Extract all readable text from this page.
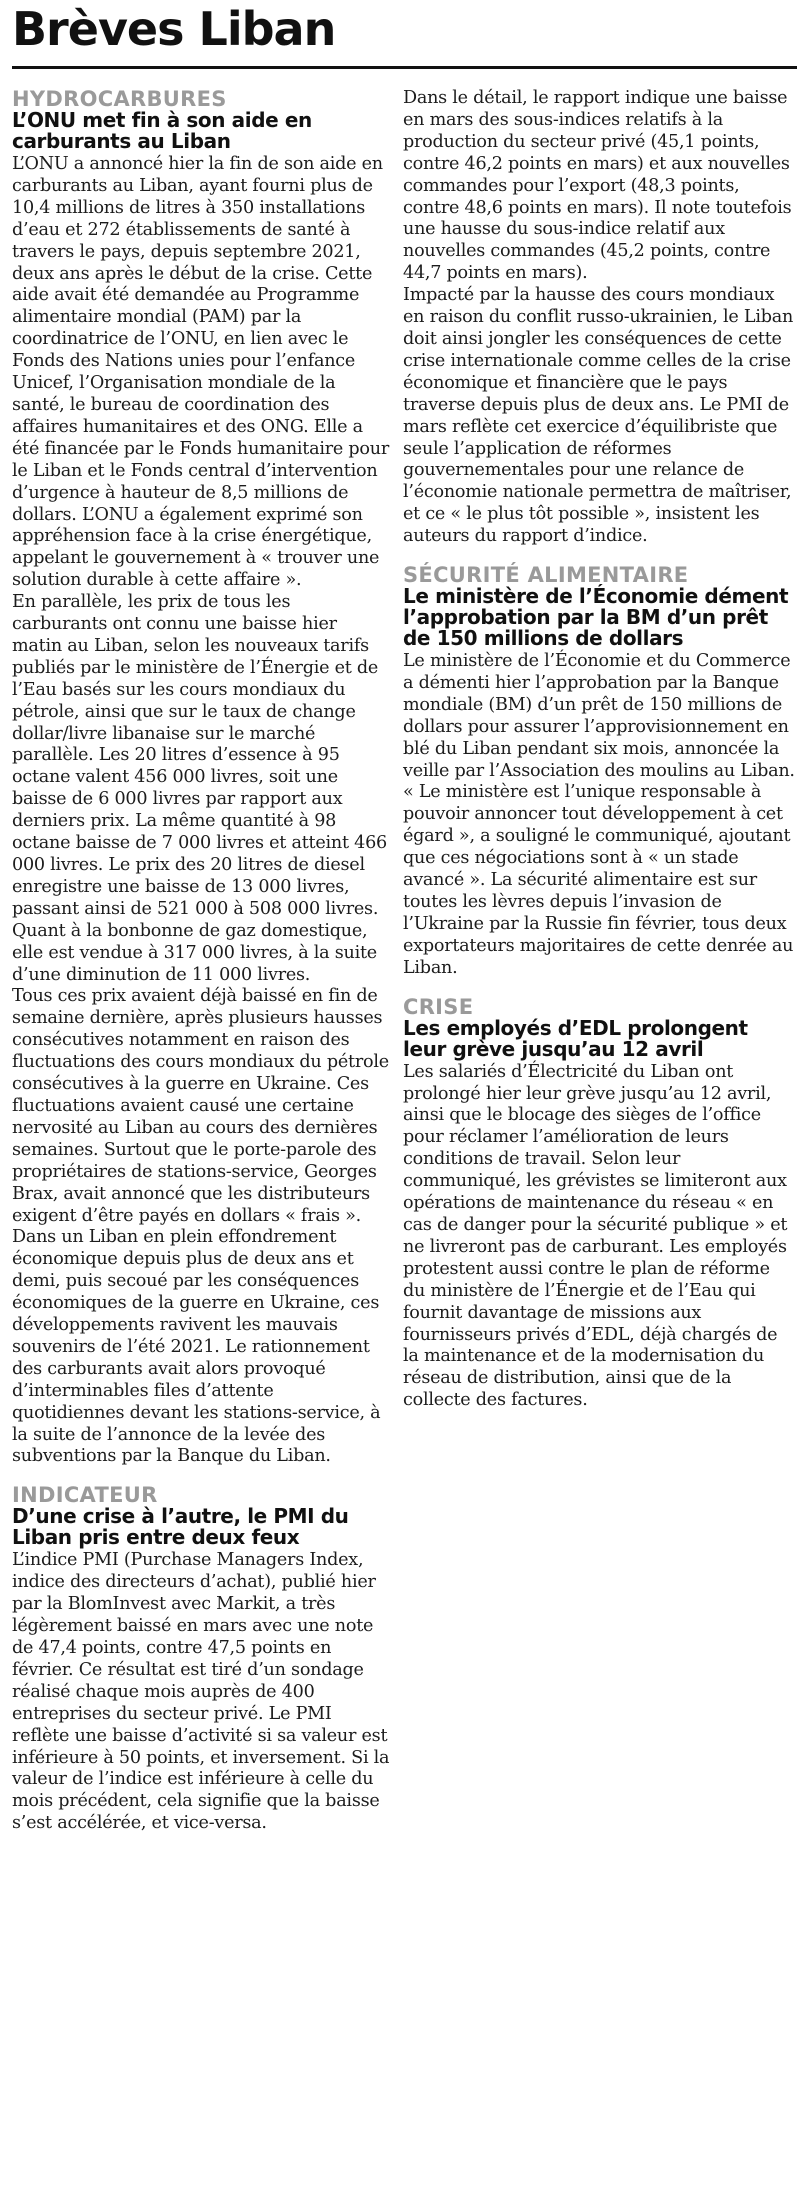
Brèves Liban
HYDROCARBURES
L’ONU met fin à son aide en carburants au Liban

L’ONU a annoncé hier la fin de son aide en carburants au Liban, ayant fourni plus de 10,4 millions de litres à 350 installations d’eau et 272 établissements de santé à travers le pays, depuis septembre 2021, deux ans après le début de la crise. Cette aide avait été demandée au Programme alimentaire mondial (PAM) par la coordinatrice de l’ONU, en lien avec le Fonds des Nations unies pour l’enfance Unicef, l’Organisation mondiale de la santé, le bureau de coordination des affaires humanitaires et des ONG. Elle a été financée par le Fonds humanitaire pour le Liban et le Fonds central d’intervention d’urgence à hauteur de 8,5 millions de dollars. L’ONU a également exprimé son appréhension face à la crise énergétique, appelant le gouvernement à « trouver une solution durable à cette affaire ».

En parallèle, les prix de tous les carburants ont connu une baisse hier matin au Liban, selon les nouveaux tarifs publiés par le ministère de l’Énergie et de l’Eau basés sur les cours mondiaux du pétrole, ainsi que sur le taux de change dollar/livre libanaise sur le marché parallèle. Les 20 litres d’essence à 95 octane valent 456 000 livres, soit une baisse de 6 000 livres par rapport aux derniers prix. La même quantité à 98 octane baisse de 7 000 livres et atteint 466 000 livres. Le prix des 20 litres de diesel enregistre une baisse de 13 000 livres, passant ainsi de 521 000 à 508 000 livres. Quant à la bonbonne de gaz domestique, elle est vendue à 317 000 livres, à la suite d’une diminution de 11 000 livres.

Tous ces prix avaient déjà baissé en fin de semaine dernière, après plusieurs hausses consécutives notamment en raison des fluctuations des cours mondiaux du pétrole consécutives à la guerre en Ukraine. Ces fluctuations avaient causé une certaine nervosité au Liban au cours des dernières semaines. Surtout que le porte-parole des propriétaires de stations-service, Georges Brax, avait annoncé que les distributeurs exigent d’être payés en dollars « frais ».

Dans un Liban en plein effondrement économique depuis plus de deux ans et demi, puis secoué par les conséquences économiques de la guerre en Ukraine, ces développements ravivent les mauvais souvenirs de l’été 2021. Le rationnement des carburants avait alors provoqué d’interminables files d’attente quotidiennes devant les stations-service, à la suite de l’annonce de la levée des subventions par la Banque du Liban.

INDICATEUR
D’une crise à l’autre, le PMI du Liban pris entre deux feux

L’indice PMI (Purchase Managers Index, indice des directeurs d’achat), publié hier par la BlomInvest avec Markit, a très légèrement baissé en mars avec une note de 47,4 points, contre 47,5 points en février. Ce résultat est tiré d’un sondage réalisé chaque mois auprès de 400 entreprises du secteur privé. Le PMI reflète une baisse d’activité si sa valeur est inférieure à 50 points, et inversement. Si la valeur de l’indice est inférieure à celle du mois précédent, cela signifie que la baisse s’est accélérée, et vice-versa.

Dans le détail, le rapport indique une baisse en mars des sous-indices relatifs à la production du secteur privé (45,1 points, contre 46,2 points en mars) et aux nouvelles commandes pour l’export (48,3 points, contre 48,6 points en mars). Il note toutefois une hausse du sous-indice relatif aux nouvelles commandes (45,2 points, contre 44,7 points en mars).

Impacté par la hausse des cours mondiaux en raison du conflit russo-ukrainien, le Liban doit ainsi jongler les conséquences de cette crise internationale comme celles de la crise économique et financière que le pays traverse depuis plus de deux ans. Le PMI de mars reflète cet exercice d’équilibriste que seule l’application de réformes gouvernementales pour une relance de l’économie nationale permettra de maîtriser, et ce « le plus tôt possible », insistent les auteurs du rapport d’indice.

SÉCURITÉ ALIMENTAIRE
Le ministère de l’Économie dément l’approbation par la BM d’un prêt de 150 millions de dollars

Le ministère de l’Économie et du Commerce a démenti hier l’approbation par la Banque mondiale (BM) d’un prêt de 150 millions de dollars pour assurer l’approvisionnement en blé du Liban pendant six mois, annoncée la veille par l’Association des moulins au Liban. « Le ministère est l’unique responsable à pouvoir annoncer tout développement à cet égard », a souligné le communiqué, ajoutant que ces négociations sont à « un stade avancé ». La sécurité alimentaire est sur toutes les lèvres depuis l’invasion de l’Ukraine par la Russie fin février, tous deux exportateurs majoritaires de cette denrée au Liban.

CRISE
Les employés d’EDL prolongent leur grève jusqu’au 12 avril

Les salariés d’Électricité du Liban ont prolongé hier leur grève jusqu’au 12 avril, ainsi que le blocage des sièges de l’office pour réclamer l’amélioration de leurs conditions de travail. Selon leur communiqué, les grévistes se limiteront aux opérations de maintenance du réseau « en cas de danger pour la sécurité publique » et ne livreront pas de carburant. Les employés protestent aussi contre le plan de réforme du ministère de l’Énergie et de l’Eau qui fournit davantage de missions aux fournisseurs privés d’EDL, déjà chargés de la maintenance et de la modernisation du réseau de distribution, ainsi que de la collecte des factures.
